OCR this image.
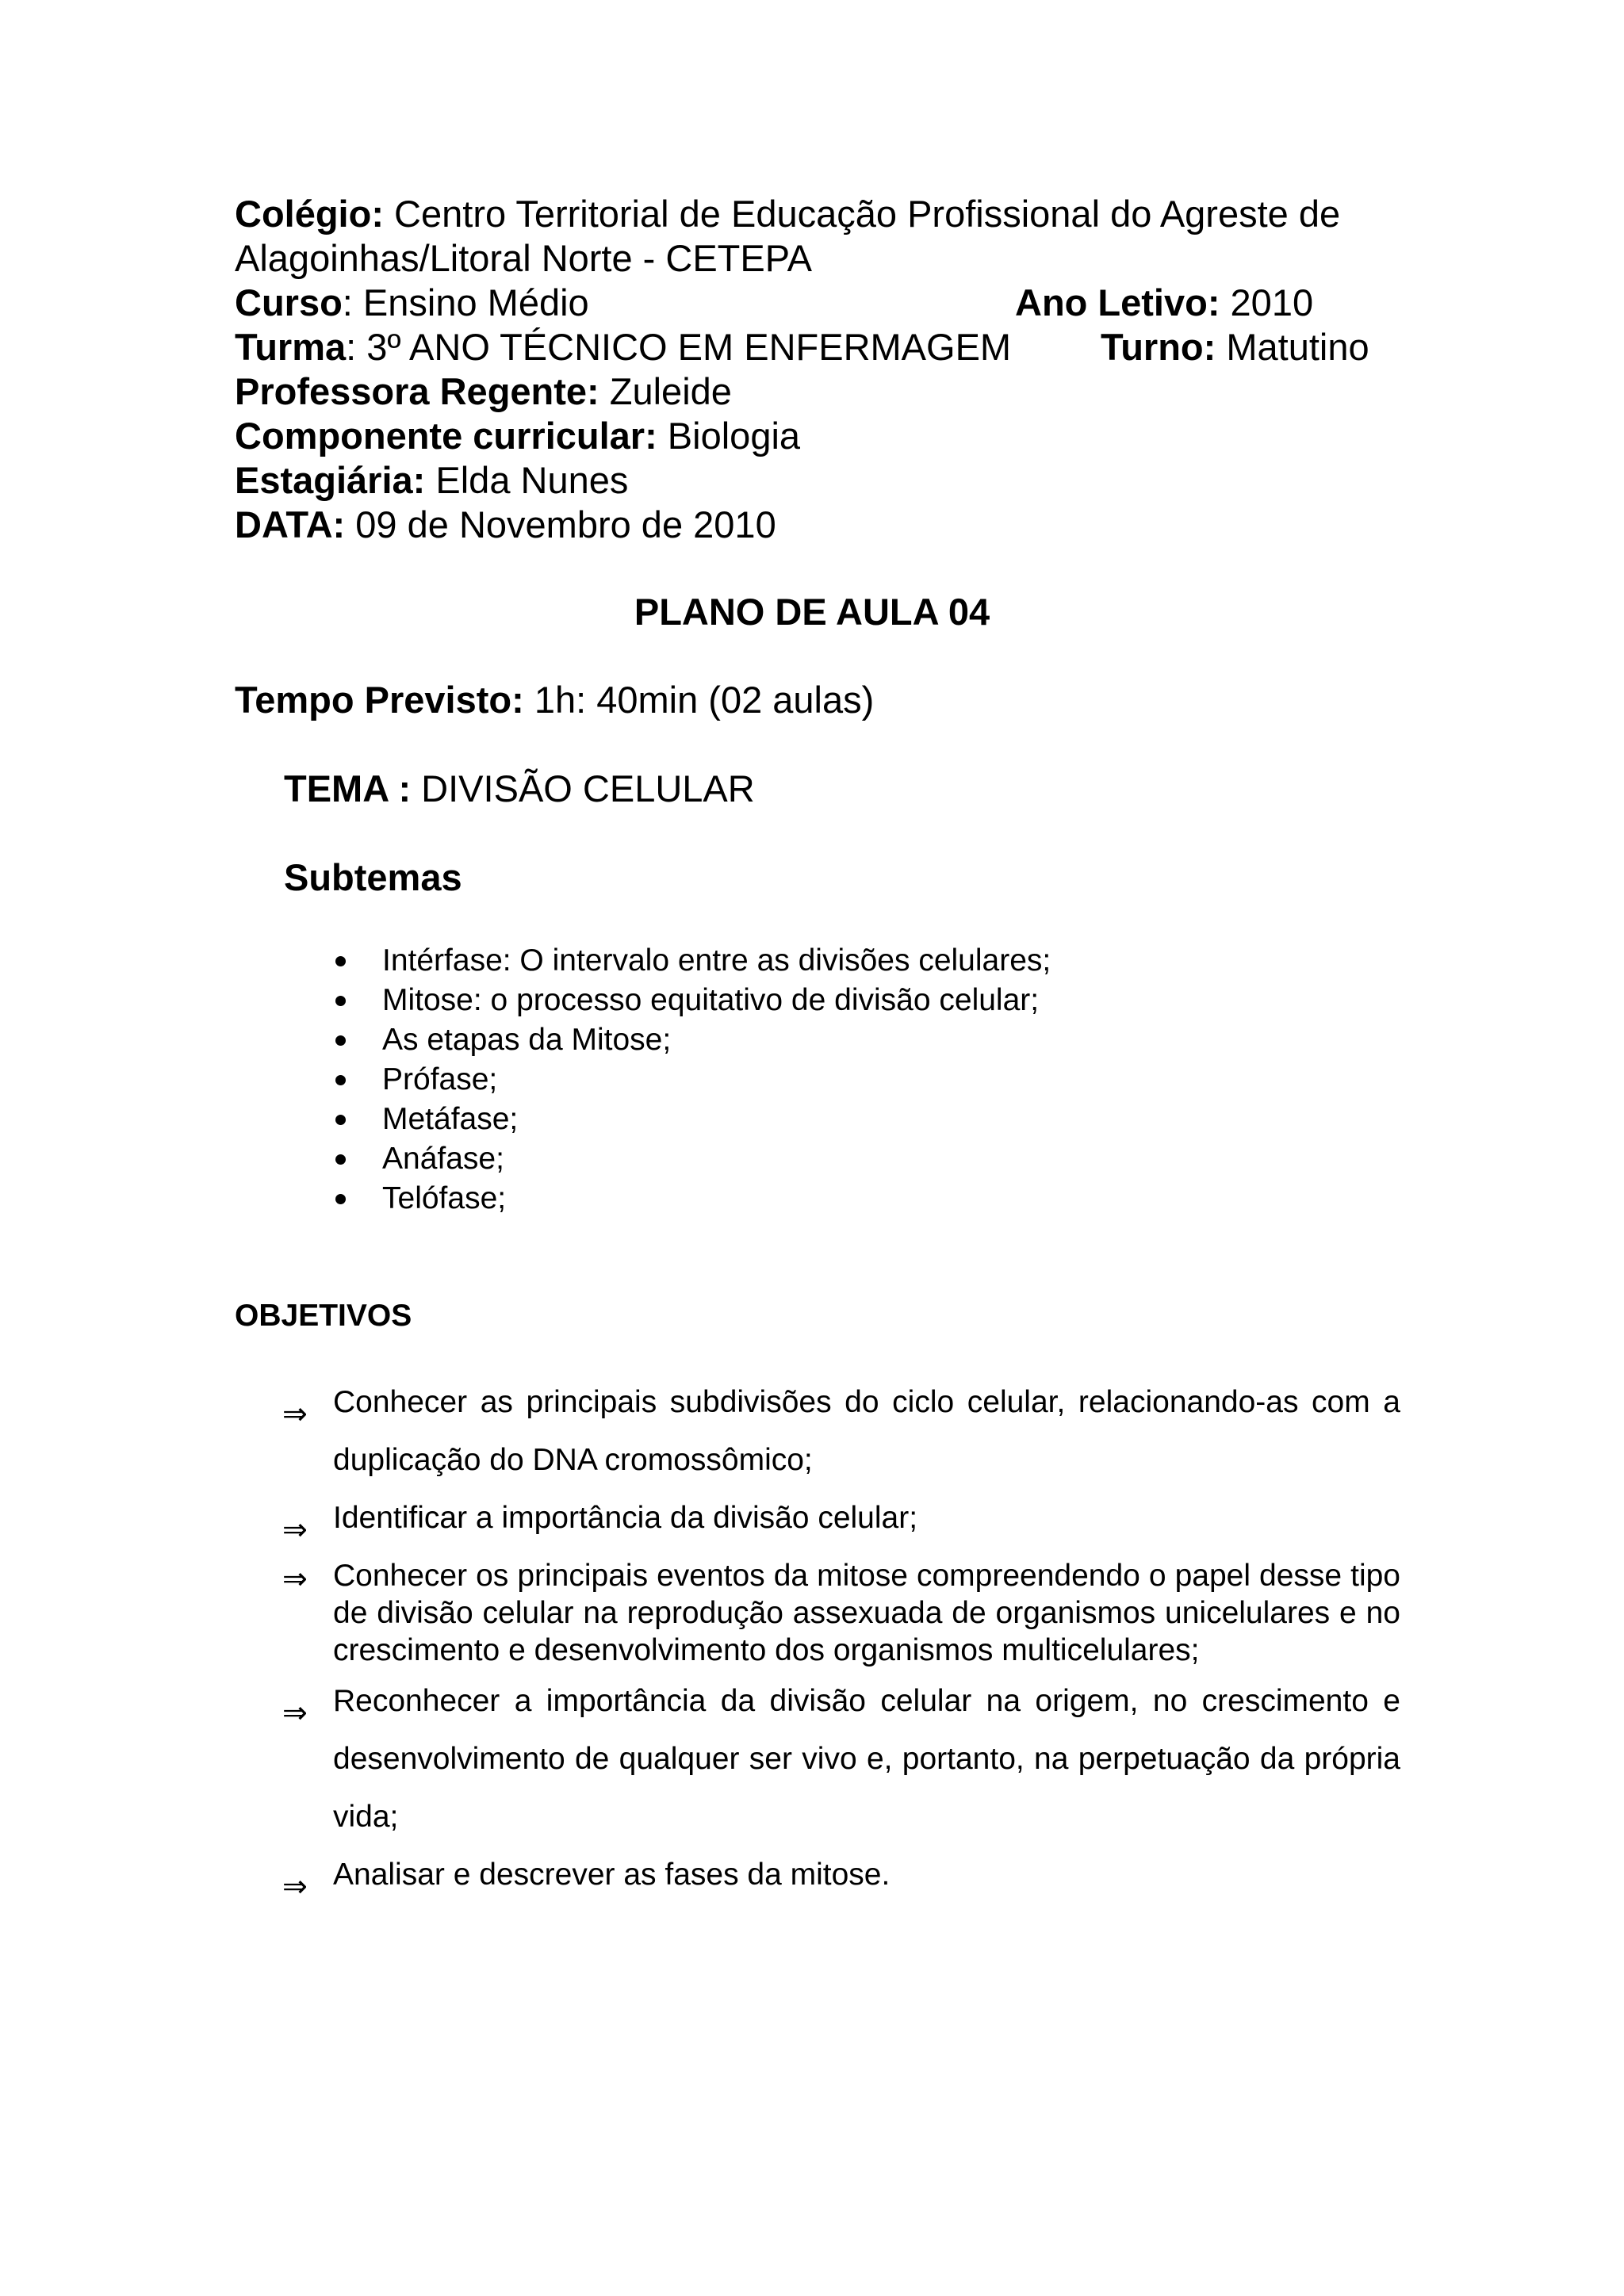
Colégio: Centro Territorial de Educação Profissional do Agreste de Alagoinhas/Litoral Norte - CETEPA
Curso: Ensino Médio	Ano Letivo: 2010
Turma: 3º ANO TÉCNICO EM ENFERMAGEM Turno: Matutino
Professora Regente: Zuleide
Componente curricular: Biologia
Estagiária: Elda Nunes
DATA: 09 de Novembro de 2010
PLANO DE AULA 04
Tempo Previsto: 1h: 40min (02 aulas)
TEMA : DIVISÃO CELULAR
Subtemas
Intérfase: O intervalo entre as divisões celulares;
Mitose: o processo equitativo de divisão celular;
As etapas da Mitose;
Prófase;
Metáfase;
Anáfase;
Telófase;
OBJETIVOS
⇒ Conhecer as principais subdivisões do ciclo celular, relacionando-as com a duplicação do DNA cromossômico;
⇒ Identificar a importância da divisão celular;
⇒ Conhecer os principais eventos da mitose compreendendo o papel desse tipo de divisão celular na reprodução assexuada de organismos unicelulares e no crescimento e desenvolvimento dos organismos multicelulares;
⇒ Reconhecer a importância da divisão celular na origem, no crescimento e desenvolvimento de qualquer ser vivo e, portanto, na perpetuação da própria vida;
⇒ Analisar e descrever as fases da mitose.
